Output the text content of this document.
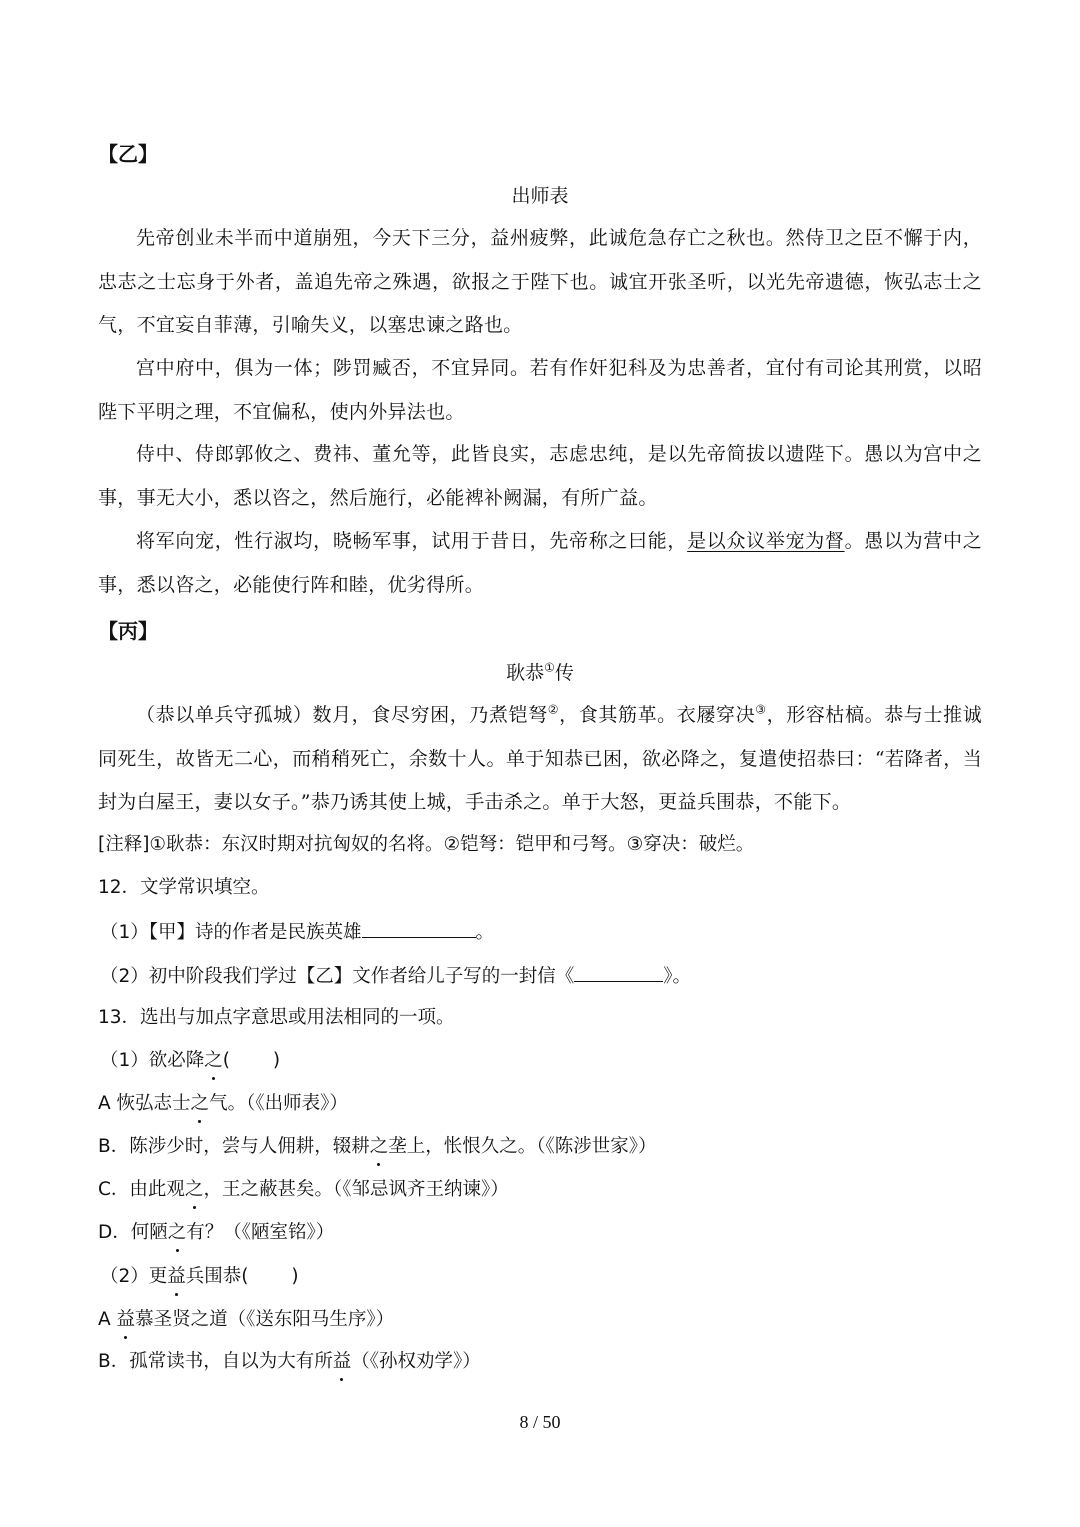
【乙】
出师表
先帝创业未半而中道崩殂，今天下三分，益州疲弊，此诚危急存亡之秋也。然侍卫之臣不懈于内，忠志之士忘身于外者，盖追先帝之殊遇，欲报之于陛下也。诚宜开张圣听，以光先帝遗德，恢弘志士之气，不宜妄自菲薄，引喻失义，以塞忠谏之路也。
宫中府中，俱为一体；陟罚臧否，不宜异同。若有作奸犯科及为忠善者，宜付有司论其刑赏，以昭陛下平明之理，不宜偏私，使内外异法也。
侍中、侍郎郭攸之、费祎、董允等，此皆良实，志虑忠纯，是以先帝简拔以遗陛下。愚以为宫中之事，事无大小，悉以咨之，然后施行，必能裨补阙漏，有所广益。
将军向宠，性行淑均，晓畅军事，试用于昔日，先帝称之曰能，是以众议举宠为督。愚以为营中之事，悉以咨之，必能使行阵和睦，优劣得所。
【丙】
耿恭①传
（恭以单兵守孤城）数月，食尽穷困，乃煮铠弩②，食其筋革。衣屦穿决③，形容枯槁。恭与士推诚同死生，故皆无二心，而稍稍死亡，余数十人。单于知恭已困，欲必降之，复遣使招恭曰：“若降者，当封为白屋王，妻以女子。”恭乃诱其使上城，手击杀之。单于大怒，更益兵围恭，不能下。
[注释]①耿恭：东汉时期对抗匈奴的名将。②铠弩：铠甲和弓弩。③穿决：破烂。
12．文学常识填空。
（1）【甲】诗的作者是民族英雄	。
（2）初中阶段我们学过【乙】文作者给儿子写的一封信《	》。
13．选出与加点字意思或用法相同的一项。
（1）欲必降之(　　 )
A 恢弘志士之气。（《出师表》）
B．陈涉少时，尝与人佣耕，辍耕之垄上，怅恨久之。（《陈涉世家》）
C．由此观之，王之蔽甚矣。（《邹忌讽齐王纳谏》）
D．何陋之有？（《陋室铭》）
（2）更益兵围恭(　　 )
A 益慕圣贤之道（《送东阳马生序》）
B．孤常读书，自以为大有所益（《孙权劝学》）
8 / 50
